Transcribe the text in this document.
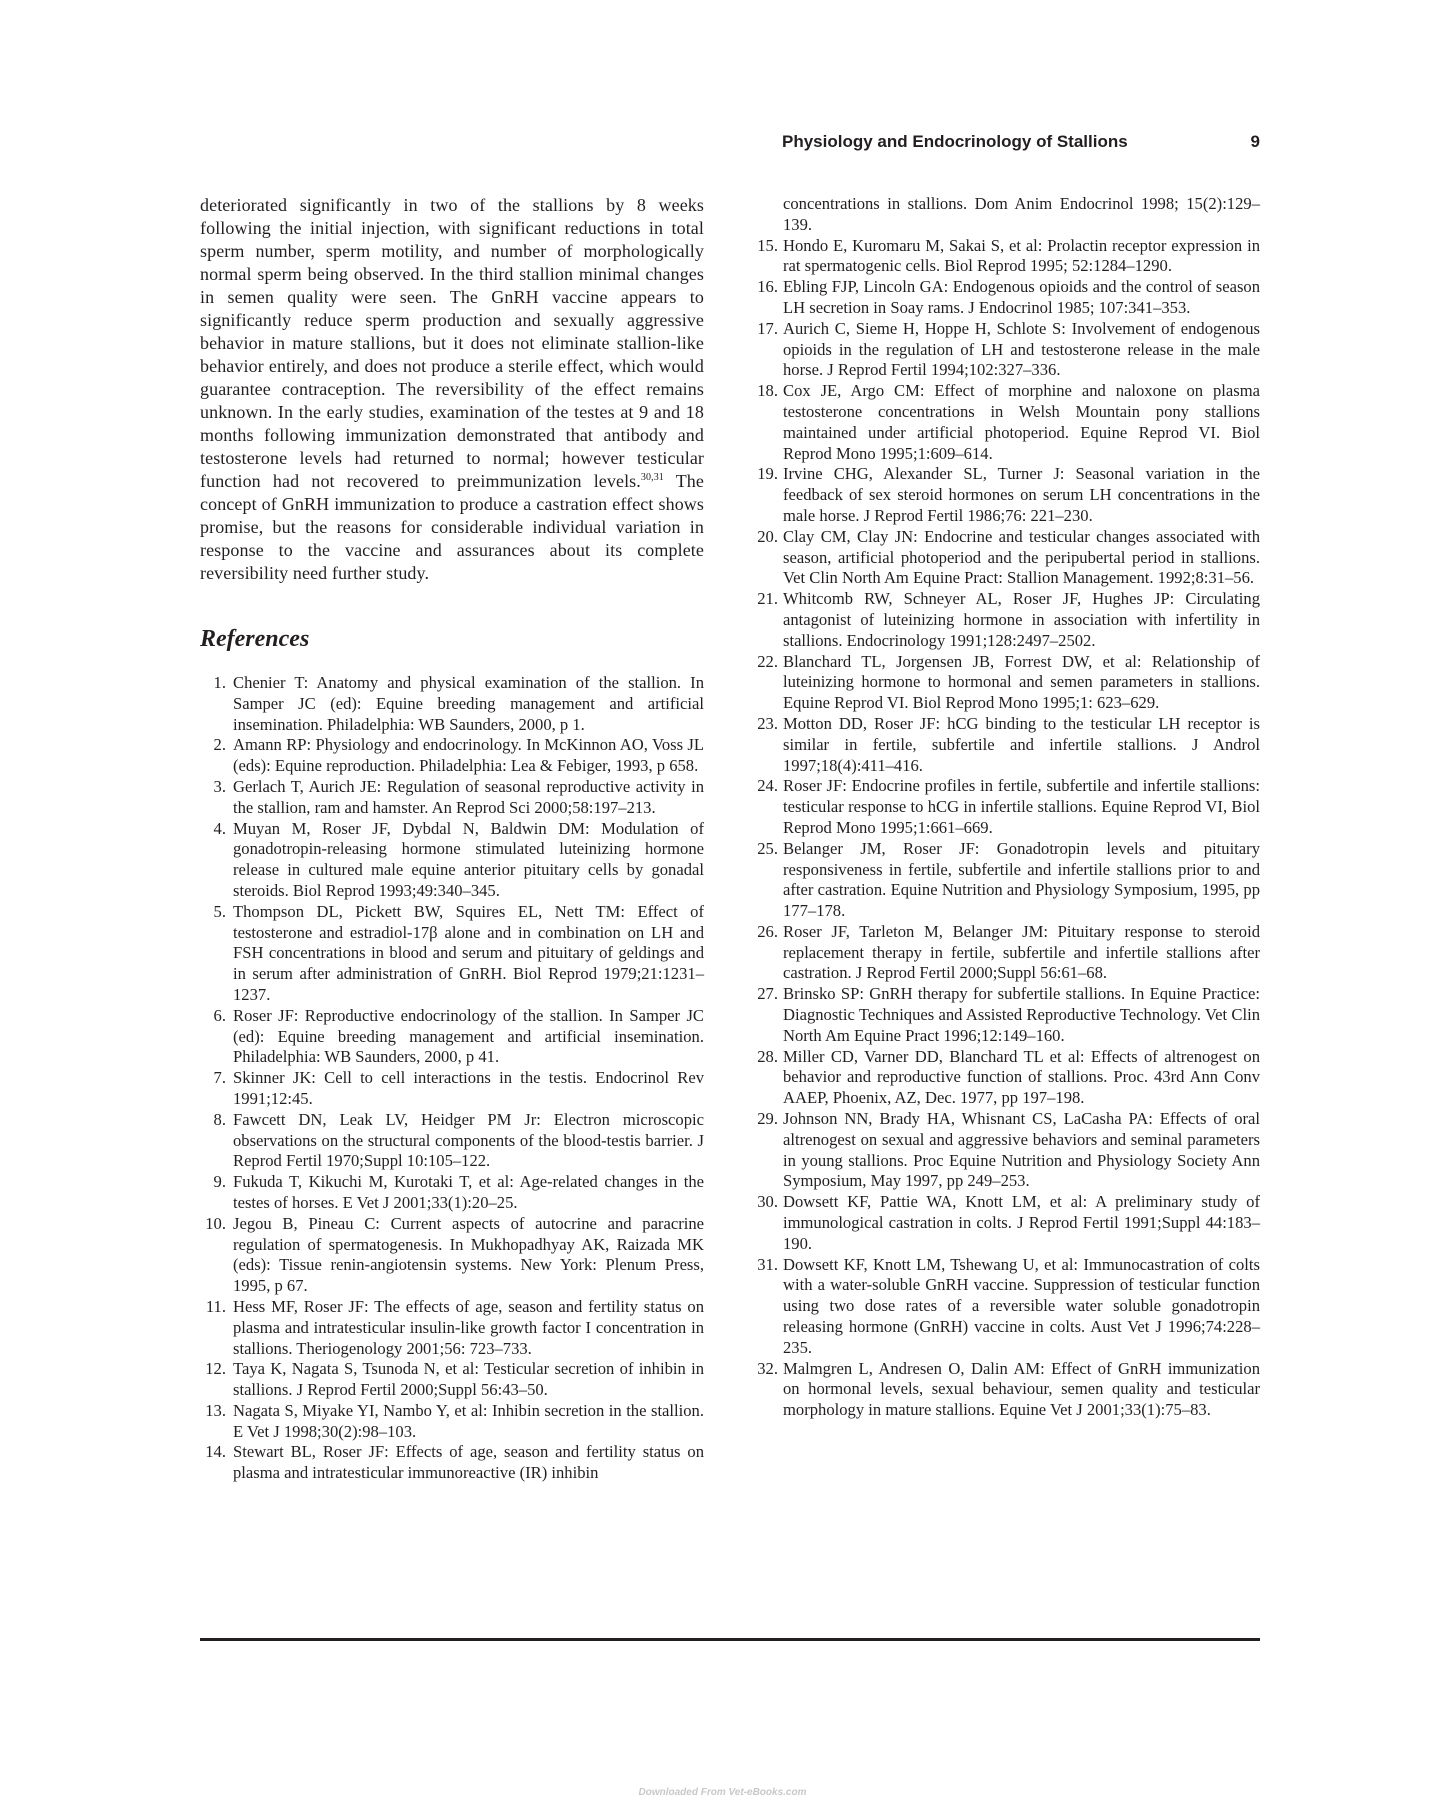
Physiology and Endocrinology of Stallions	9

deteriorated significantly in two of the stallions by 8 weeks following the initial injection, with significant reductions in total sperm number, sperm motility, and number of morphologically normal sperm being observed. In the third stallion minimal changes in semen quality were seen. The GnRH vaccine appears to significantly reduce sperm production and sexually aggressive behavior in mature stallions, but it does not eliminate stallion-like behavior entirely, and does not produce a sterile effect, which would guarantee contraception. The reversibility of the effect remains unknown. In the early studies, examination of the testes at 9 and 18 months following immunization demonstrated that antibody and testosterone levels had returned to normal; however testicular function had not recovered to preimmunization levels.$^{30,31}$ The concept of GnRH immunization to produce a castration effect shows promise, but the reasons for considerable individual variation in response to the vaccine and assurances about its complete reversibility need further study.

References
1. Chenier T: Anatomy and physical examination of the stallion. In Samper JC (ed): Equine breeding management and artificial insemination. Philadelphia: WB Saunders, 2000, p 1.
2. Amann RP: Physiology and endocrinology. In McKinnon AO, Voss JL (eds): Equine reproduction. Philadelphia: Lea & Febiger, 1993, p 658.
3. Gerlach T, Aurich JE: Regulation of seasonal reproductive activity in the stallion, ram and hamster. An Reprod Sci 2000;58:197–213.
4. Muyan M, Roser JF, Dybdal N, Baldwin DM: Modulation of gonadotropin-releasing hormone stimulated luteinizing hormone release in cultured male equine anterior pituitary cells by gonadal steroids. Biol Reprod 1993;49:340–345.
5. Thompson DL, Pickett BW, Squires EL, Nett TM: Effect of testosterone and estradiol-17β alone and in combination on LH and FSH concentrations in blood and serum and pituitary of geldings and in serum after administration of GnRH. Biol Reprod 1979;21:1231–1237.
6. Roser JF: Reproductive endocrinology of the stallion. In Samper JC (ed): Equine breeding management and artificial insemination. Philadelphia: WB Saunders, 2000, p 41.
7. Skinner JK: Cell to cell interactions in the testis. Endocrinol Rev 1991;12:45.
8. Fawcett DN, Leak LV, Heidger PM Jr: Electron microscopic observations on the structural components of the blood-testis barrier. J Reprod Fertil 1970;Suppl 10:105–122.
9. Fukuda T, Kikuchi M, Kurotaki T, et al: Age-related changes in the testes of horses. E Vet J 2001;33(1):20–25.
10. Jegou B, Pineau C: Current aspects of autocrine and paracrine regulation of spermatogenesis. In Mukhopadhyay AK, Raizada MK (eds): Tissue renin-angiotensin systems. New York: Plenum Press, 1995, p 67.
11. Hess MF, Roser JF: The effects of age, season and fertility status on plasma and intratesticular insulin-like growth factor I concentration in stallions. Theriogenology 2001;56: 723–733.
12. Taya K, Nagata S, Tsunoda N, et al: Testicular secretion of inhibin in stallions. J Reprod Fertil 2000;Suppl 56:43–50.
13. Nagata S, Miyake YI, Nambo Y, et al: Inhibin secretion in the stallion. E Vet J 1998;30(2):98–103.
14. Stewart BL, Roser JF: Effects of age, season and fertility status on plasma and intratesticular immunoreactive (IR) inhibin

concentrations in stallions. Dom Anim Endocrinol 1998; 15(2):129–139.

15. Hondo E, Kuromaru M, Sakai S, et al: Prolactin receptor expression in rat spermatogenic cells. Biol Reprod 1995; 52:1284–1290.
16. Ebling FJP, Lincoln GA: Endogenous opioids and the control of season LH secretion in Soay rams. J Endocrinol 1985; 107:341–353.
17. Aurich C, Sieme H, Hoppe H, Schlote S: Involvement of endogenous opioids in the regulation of LH and testosterone release in the male horse. J Reprod Fertil 1994;102:327–336.
18. Cox JE, Argo CM: Effect of morphine and naloxone on plasma testosterone concentrations in Welsh Mountain pony stallions maintained under artificial photoperiod. Equine Reprod VI. Biol Reprod Mono 1995;1:609–614.
19. Irvine CHG, Alexander SL, Turner J: Seasonal variation in the feedback of sex steroid hormones on serum LH concentrations in the male horse. J Reprod Fertil 1986;76: 221–230.
20. Clay CM, Clay JN: Endocrine and testicular changes associated with season, artificial photoperiod and the peripubertal period in stallions. Vet Clin North Am Equine Pract: Stallion Management. 1992;8:31–56.
21. Whitcomb RW, Schneyer AL, Roser JF, Hughes JP: Circulating antagonist of luteinizing hormone in association with infertility in stallions. Endocrinology 1991;128:2497–2502.
22. Blanchard TL, Jorgensen JB, Forrest DW, et al: Relationship of luteinizing hormone to hormonal and semen parameters in stallions. Equine Reprod VI. Biol Reprod Mono 1995;1: 623–629.
23. Motton DD, Roser JF: hCG binding to the testicular LH receptor is similar in fertile, subfertile and infertile stallions. J Androl 1997;18(4):411–416.
24. Roser JF: Endocrine profiles in fertile, subfertile and infertile stallions: testicular response to hCG in infertile stallions. Equine Reprod VI, Biol Reprod Mono 1995;1:661–669.
25. Belanger JM, Roser JF: Gonadotropin levels and pituitary responsiveness in fertile, subfertile and infertile stallions prior to and after castration. Equine Nutrition and Physiology Symposium, 1995, pp 177–178.
26. Roser JF, Tarleton M, Belanger JM: Pituitary response to steroid replacement therapy in fertile, subfertile and infertile stallions after castration. J Reprod Fertil 2000;Suppl 56:61–68.
27. Brinsko SP: GnRH therapy for subfertile stallions. In Equine Practice: Diagnostic Techniques and Assisted Reproductive Technology. Vet Clin North Am Equine Pract 1996;12:149–160.
28. Miller CD, Varner DD, Blanchard TL et al: Effects of altrenogest on behavior and reproductive function of stallions. Proc. 43rd Ann Conv AAEP, Phoenix, AZ, Dec. 1977, pp 197–198.
29. Johnson NN, Brady HA, Whisnant CS, LaCasha PA: Effects of oral altrenogest on sexual and aggressive behaviors and seminal parameters in young stallions. Proc Equine Nutrition and Physiology Society Ann Symposium, May 1997, pp 249–253.
30. Dowsett KF, Pattie WA, Knott LM, et al: A preliminary study of immunological castration in colts. J Reprod Fertil 1991;Suppl 44:183–190.
31. Dowsett KF, Knott LM, Tshewang U, et al: Immunocastration of colts with a water-soluble GnRH vaccine. Suppression of testicular function using two dose rates of a reversible water soluble gonadotropin releasing hormone (GnRH) vaccine in colts. Aust Vet J 1996;74:228–235.
32. Malmgren L, Andresen O, Dalin AM: Effect of GnRH immunization on hormonal levels, sexual behaviour, semen quality and testicular morphology in mature stallions. Equine Vet J 2001;33(1):75–83.
Downloaded From Vet-eBooks.com
